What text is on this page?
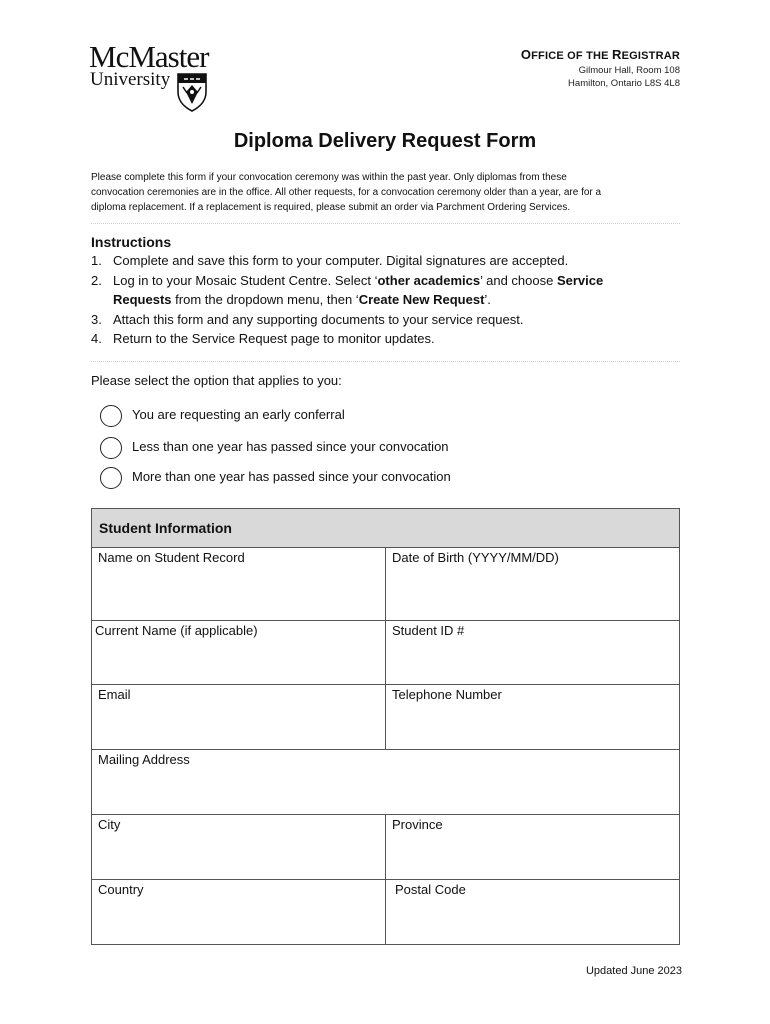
McMaster
University
OFFICE OF THE REGISTRAR
Gilmour Hall, Room 108
Hamilton, Ontario L8S 4L8
Diploma Delivery Request Form
Please complete this form if your convocation ceremony was within the past year. Only diplomas from these
convocation ceremonies are in the office. All other requests, for a convocation ceremony older than a year, are for a
diploma replacement. If a replacement is required, please submit an order via Parchment Ordering Services.
Instructions
1. Complete and save this form to your computer. Digital signatures are accepted.
2. Log in to your Mosaic Student Centre. Select ‘other academics’ and choose Service
Requests from the dropdown menu, then ‘Create New Request’.
3. Attach this form and any supporting documents to your service request.
4. Return to the Service Request page to monitor updates.
Please select the option that applies to you:
You are requesting an early conferral
Less than one year has passed since your convocation
More than one year has passed since your convocation
Student Information	

Name on Student Record	Date of Birth (YYYY/MM/DD)

Current Name (if applicable)	Student ID #

Email	Telephone Number

Mailing Address	

City	Province

Country	Postal Code
Updated June 2023
